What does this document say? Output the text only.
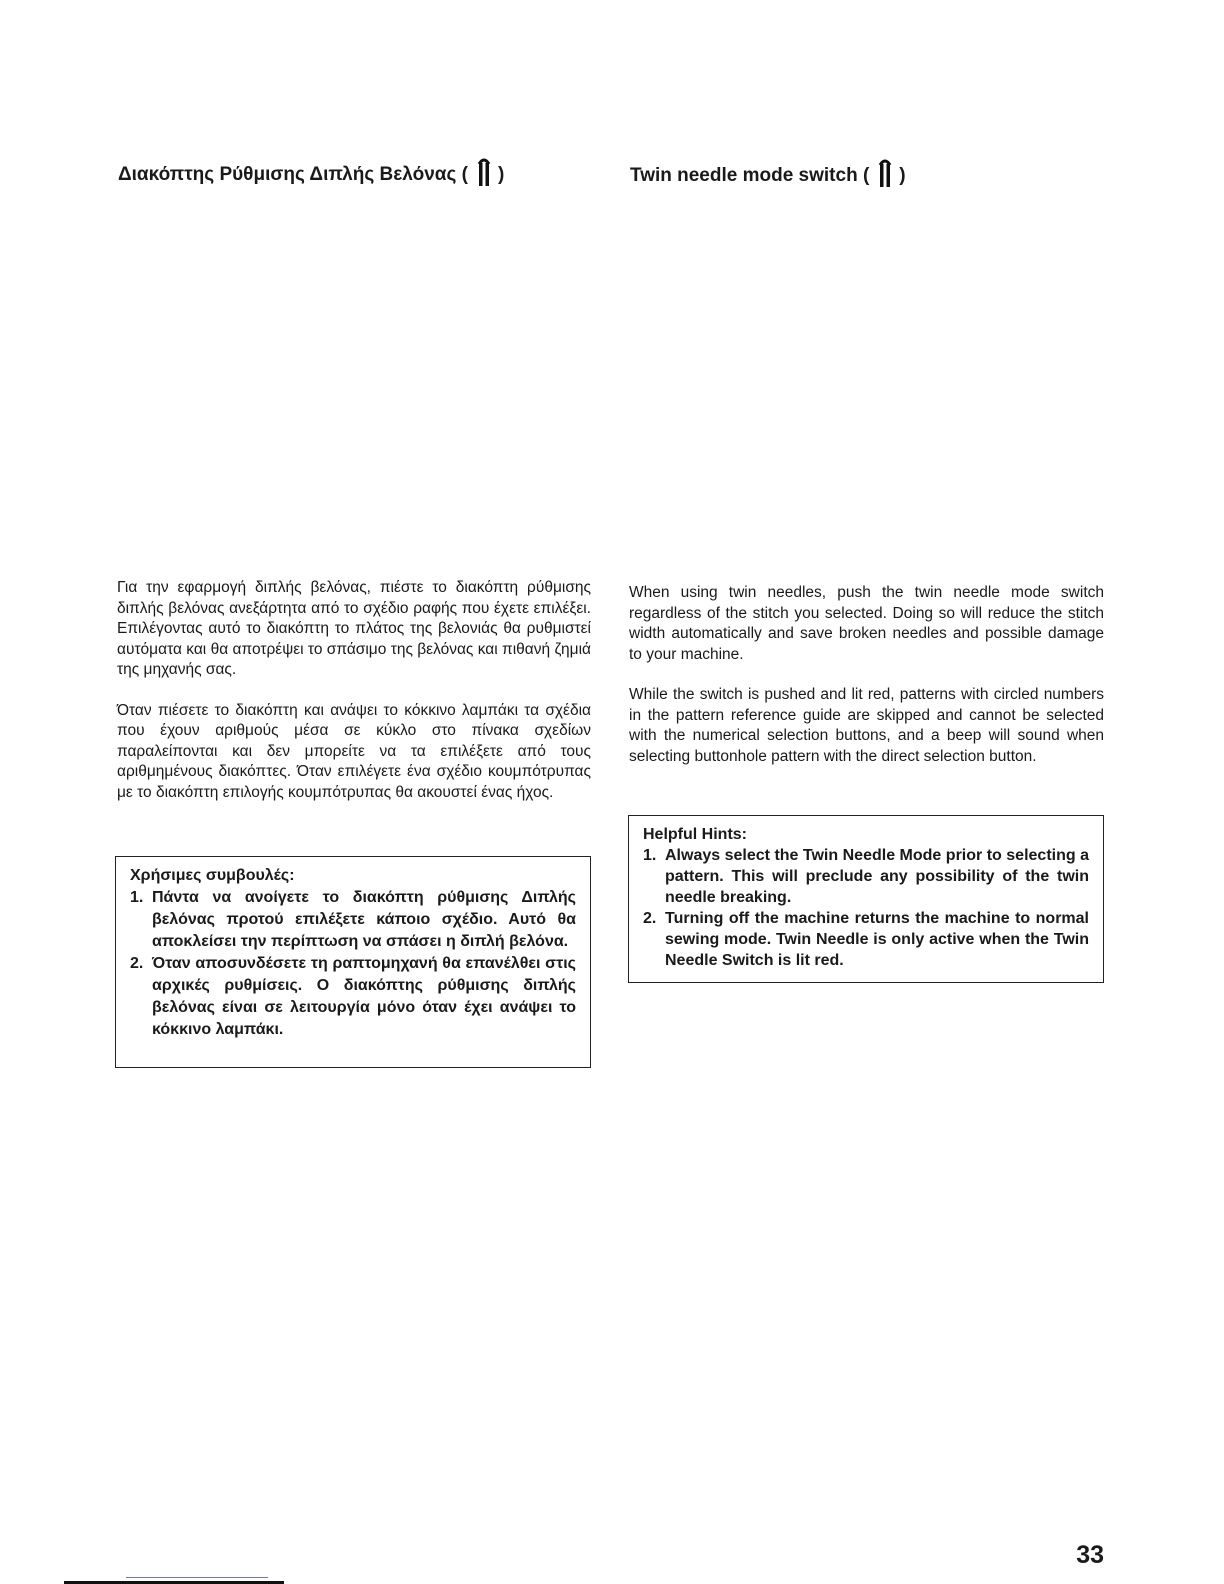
Διακόπτης Ρύθμισης Διπλής Βελόνας ( )	Twin needle mode switch ( )

Για την εφαρμογή διπλής βελόνας, πιέστε το διακόπτη ρύθμισης διπλής βελόνας ανεξάρτητα από το σχέδιο ραφής που έχετε επιλέξει. Επιλέγοντας αυτό το διακόπτη το πλάτος της βελονιάς θα ρυθμιστεί αυτόματα και θα αποτρέψει το σπάσιμο της βελόνας και πιθανή ζημιά της μηχανής σας.

Όταν πιέσετε το διακόπτη και ανάψει το κόκκινο λαμπάκι τα σχέδια που έχουν αριθμούς μέσα σε κύκλο στο πίνακα σχεδίων παραλείπονται και δεν μπορείτε να τα επιλέξετε από τους αριθμημένους διακόπτες. Όταν επιλέγετε ένα σχέδιο κουμπότρυπας με το διακόπτη επιλογής κουμπότρυπας θα ακουστεί ένας ήχος.

When using twin needles, push the twin needle mode switch regardless of the stitch you selected. Doing so will reduce the stitch width automatically and save broken needles and possible damage to your machine.

While the switch is pushed and lit red, patterns with circled numbers in the pattern reference guide are skipped and cannot be selected with the numerical selection buttons, and a beep will sound when selecting buttonhole pattern with the direct selection button.

Χρήσιμες συμβουλές:
1. Πάντα να ανοίγετε το διακόπτη ρύθμισης Διπλής βελόνας προτού επιλέξετε κάποιο σχέδιο. Αυτό θα αποκλείσει την περίπτωση να σπάσει η διπλή βελόνα.
2. Όταν αποσυνδέσετε τη ραπτομηχανή θα επανέλθει στις αρχικές ρυθμίσεις. Ο διακόπτης ρύθμισης διπλής βελόνας είναι σε λειτουργία μόνο όταν έχει ανάψει το κόκκινο λαμπάκι.
Helpful Hints:
1. Always select the Twin Needle Mode prior to selecting a pattern. This will preclude any possibility of the twin needle breaking.
2. Turning off the machine returns the machine to normal sewing mode. Twin Needle is only active when the Twin Needle Switch is lit red.
33
